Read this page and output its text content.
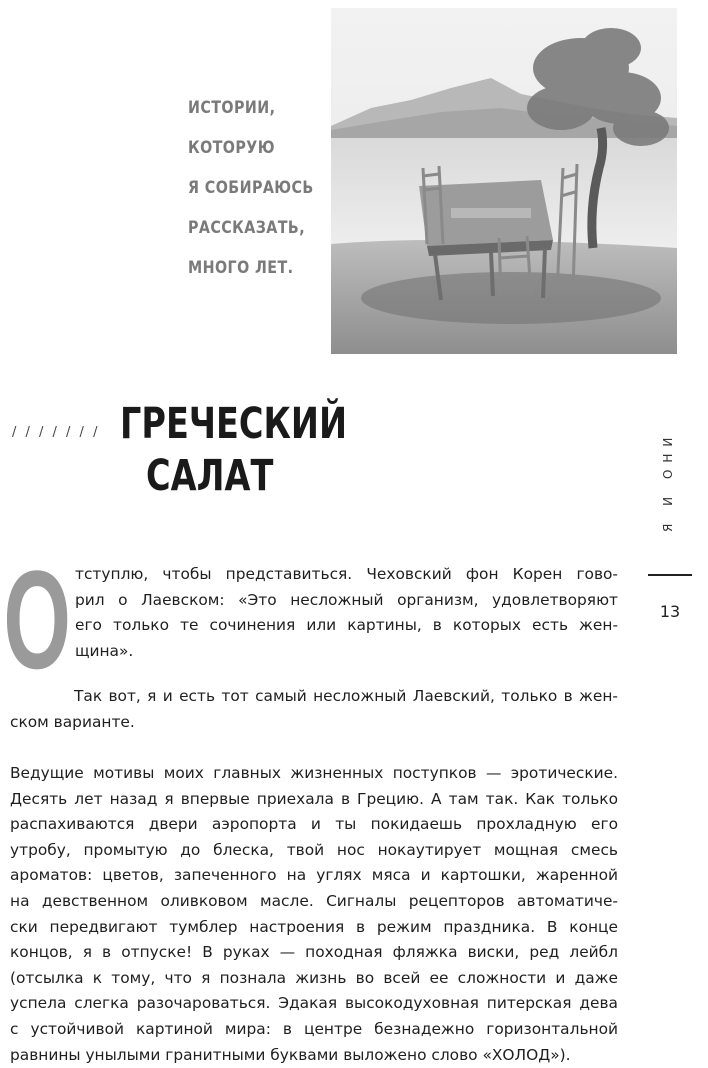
ИСТОРИИ,
КОТОРУЮ
Я СОБИРАЮСЬ
РАССКАЗАТЬ,
МНОГО ЛЕТ.
/ / / / / / / ГРЕЧЕСКИЙ
САЛАТ	Я И ОНИ
13
О тступлю, чтобы представиться. Чеховский фон Корен гово-
рил о Лаевском: «Это несложный организм, удовлетворяют
его только те сочинения или картины, в которых есть жен-
щина».
Так вот, я и есть тот самый несложный Лаевский, только в жен-
ском варианте.
Ведущие мотивы моих главных жизненных поступков — эротические.
Десять лет назад я впервые приехала в Грецию. А там так. Как только
распахиваются двери аэропорта и ты покидаешь прохладную его
утробу, промытую до блеска, твой нос нокаутирует мощная смесь
ароматов: цветов, запеченного на углях мяса и картошки, жаренной
на девственном оливковом масле. Сигналы рецепторов автоматиче-
ски передвигают тумблер настроения в режим праздника. В конце
концов, я в отпуске! В руках — походная фляжка виски, ред лейбл
(отсылка к тому, что я познала жизнь во всей ее сложности и даже
успела слегка разочароваться. Эдакая высокодуховная питерская дева
с устойчивой картиной мира: в центре безнадежно горизонтальной
равнины унылыми гранитными буквами выложено слово «ХОЛОД»).
